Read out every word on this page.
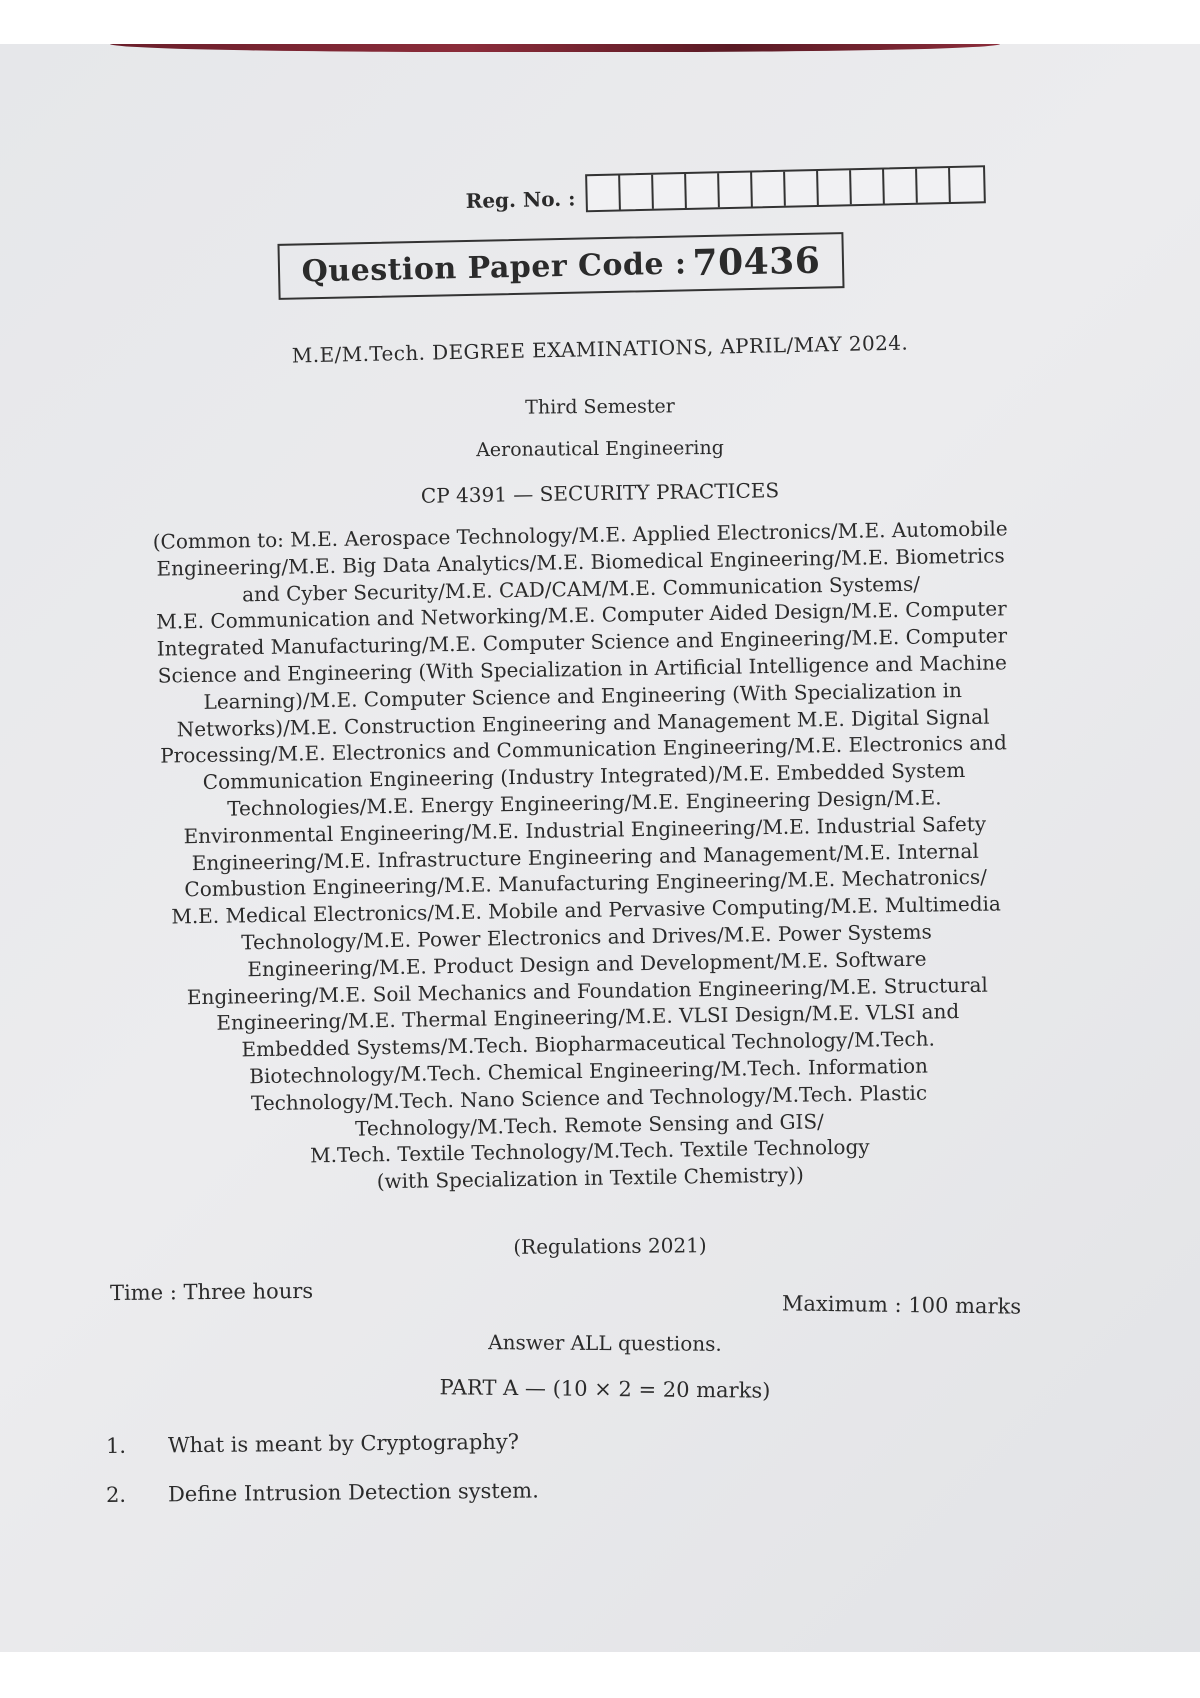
Reg. No. :
Question Paper Code : 70436
M.E/M.Tech. DEGREE EXAMINATIONS, APRIL/MAY 2024.
Third Semester
Aeronautical Engineering
CP 4391 — SECURITY PRACTICES
(Common to: M.E. Aerospace Technology/M.E. Applied Electronics/M.E. Automobile
Engineering/M.E. Big Data Analytics/M.E. Biomedical Engineering/M.E. Biometrics
and Cyber Security/M.E. CAD/CAM/M.E. Communication Systems/
M.E. Communication and Networking/M.E. Computer Aided Design/M.E. Computer
Integrated Manufacturing/M.E. Computer Science and Engineering/M.E. Computer
Science and Engineering (With Specialization in Artificial Intelligence and Machine
Learning)/M.E. Computer Science and Engineering (With Specialization in
Networks)/M.E. Construction Engineering and Management M.E. Digital Signal
Processing/M.E. Electronics and Communication Engineering/M.E. Electronics and
Communication Engineering (Industry Integrated)/M.E. Embedded System
Technologies/M.E. Energy Engineering/M.E. Engineering Design/M.E.
Environmental Engineering/M.E. Industrial Engineering/M.E. Industrial Safety
Engineering/M.E. Infrastructure Engineering and Management/M.E. Internal
Combustion Engineering/M.E. Manufacturing Engineering/M.E. Mechatronics/
M.E. Medical Electronics/M.E. Mobile and Pervasive Computing/M.E. Multimedia
Technology/M.E. Power Electronics and Drives/M.E. Power Systems
Engineering/M.E. Product Design and Development/M.E. Software
Engineering/M.E. Soil Mechanics and Foundation Engineering/M.E. Structural
Engineering/M.E. Thermal Engineering/M.E. VLSI Design/M.E. VLSI and
Embedded Systems/M.Tech. Biopharmaceutical Technology/M.Tech.
Biotechnology/M.Tech. Chemical Engineering/M.Tech. Information
Technology/M.Tech. Nano Science and Technology/M.Tech. Plastic
Technology/M.Tech. Remote Sensing and GIS/
M.Tech. Textile Technology/M.Tech. Textile Technology
(with Specialization in Textile Chemistry))
(Regulations 2021)
Time : Three hours	Maximum : 100 marks
Answer ALL questions.
PART A — (10 × 2 = 20 marks)
1.	What is meant by Cryptography?
2.	Define Intrusion Detection system.
